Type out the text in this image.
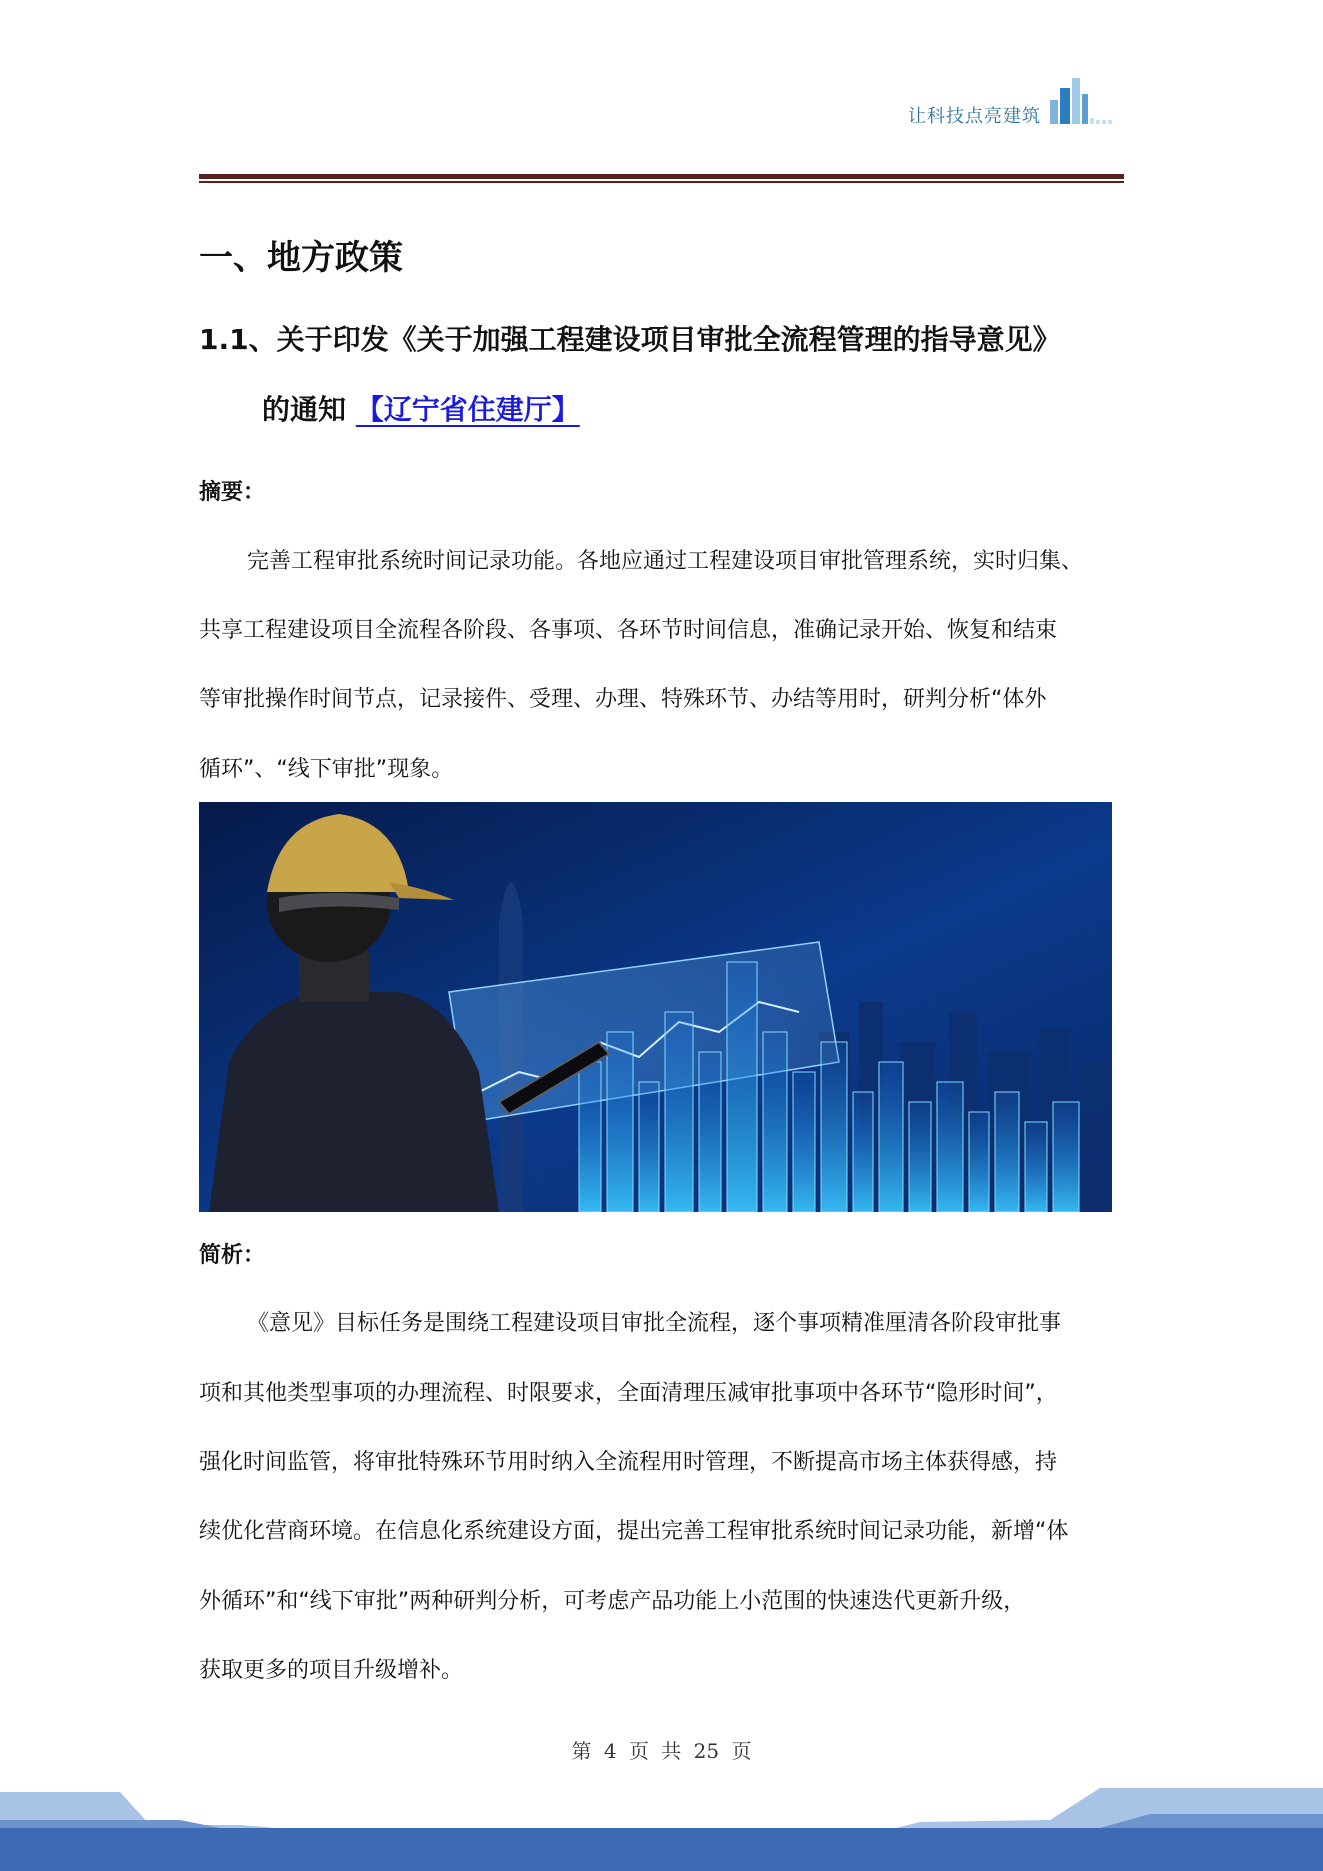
让科技点亮建筑
一、地方政策
1.1、关于印发《关于加强工程建设项目审批全流程管理的指导意见》
的通知 【辽宁省住建厅】
摘要：
完善工程审批系统时间记录功能。各地应通过工程建设项目审批管理系统，实时归集、
共享工程建设项目全流程各阶段、各事项、各环节时间信息，准确记录开始、恢复和结束
等审批操作时间节点，记录接件、受理、办理、特殊环节、办结等用时，研判分析“体外
循环”、“线下审批”现象。
简析：
《意见》目标任务是围绕工程建设项目审批全流程，逐个事项精准厘清各阶段审批事
项和其他类型事项的办理流程、时限要求，全面清理压减审批事项中各环节“隐形时间”，
强化时间监管，将审批特殊环节用时纳入全流程用时管理，不断提高市场主体获得感，持
续优化营商环境。在信息化系统建设方面，提出完善工程审批系统时间记录功能，新增“体
外循环”和“线下审批”两种研判分析，可考虑产品功能上小范围的快速迭代更新升级，
获取更多的项目升级增补。
第 4 页 共 25 页
